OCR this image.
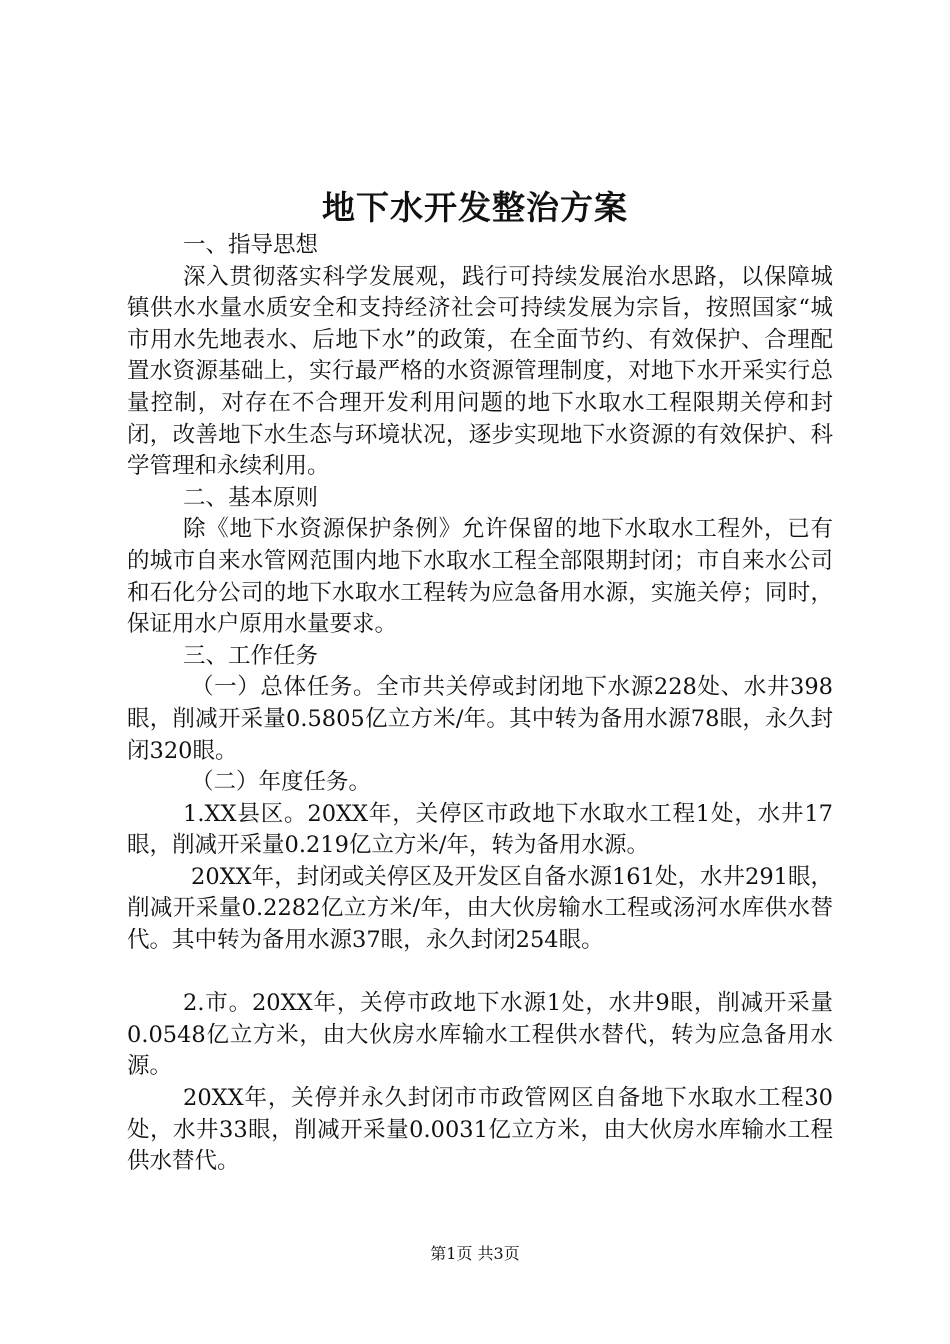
地下水开发整治方案

一、指导思想

深入贯彻落实科学发展观，践行可持续发展治水思路，以保障城镇供水水量水质安全和支持经济社会可持续发展为宗旨，按照国家“城市用水先地表水、后地下水”的政策，在全面节约、有效保护、合理配置水资源基础上，实行最严格的水资源管理制度，对地下水开采实行总量控制，对存在不合理开发利用问题的地下水取水工程限期关停和封闭，改善地下水生态与环境状况，逐步实现地下水资源的有效保护、科学管理和永续利用。

二、基本原则

除《地下水资源保护条例》允许保留的地下水取水工程外，已有的城市自来水管网范围内地下水取水工程全部限期封闭；市自来水公司和石化分公司的地下水取水工程转为应急备用水源，实施关停；同时，保证用水户原用水量要求。

三、工作任务

（一）总体任务。全市共关停或封闭地下水源228处、水井398眼，削减开采量0.5805亿立方米/年。其中转为备用水源78眼，永久封闭320眼。

（二）年度任务。

1.XX县区。20XX年，关停区市政地下水取水工程1处，水井17眼，削减开采量0.219亿立方米/年，转为备用水源。

20XX年，封闭或关停区及开发区自备水源161处，水井291眼，削减开采量0.2282亿立方米/年，由大伙房输水工程或汤河水库供水替代。其中转为备用水源37眼，永久封闭254眼。

2.市。20XX年，关停市政地下水源1处，水井9眼，削减开采量0.0548亿立方米，由大伙房水库输水工程供水替代，转为应急备用水源。

20XX年，关停并永久封闭市市政管网区自备地下水取水工程30处，水井33眼，削减开采量0.0031亿立方米，由大伙房水库输水工程供水替代。

第1页 共3页
